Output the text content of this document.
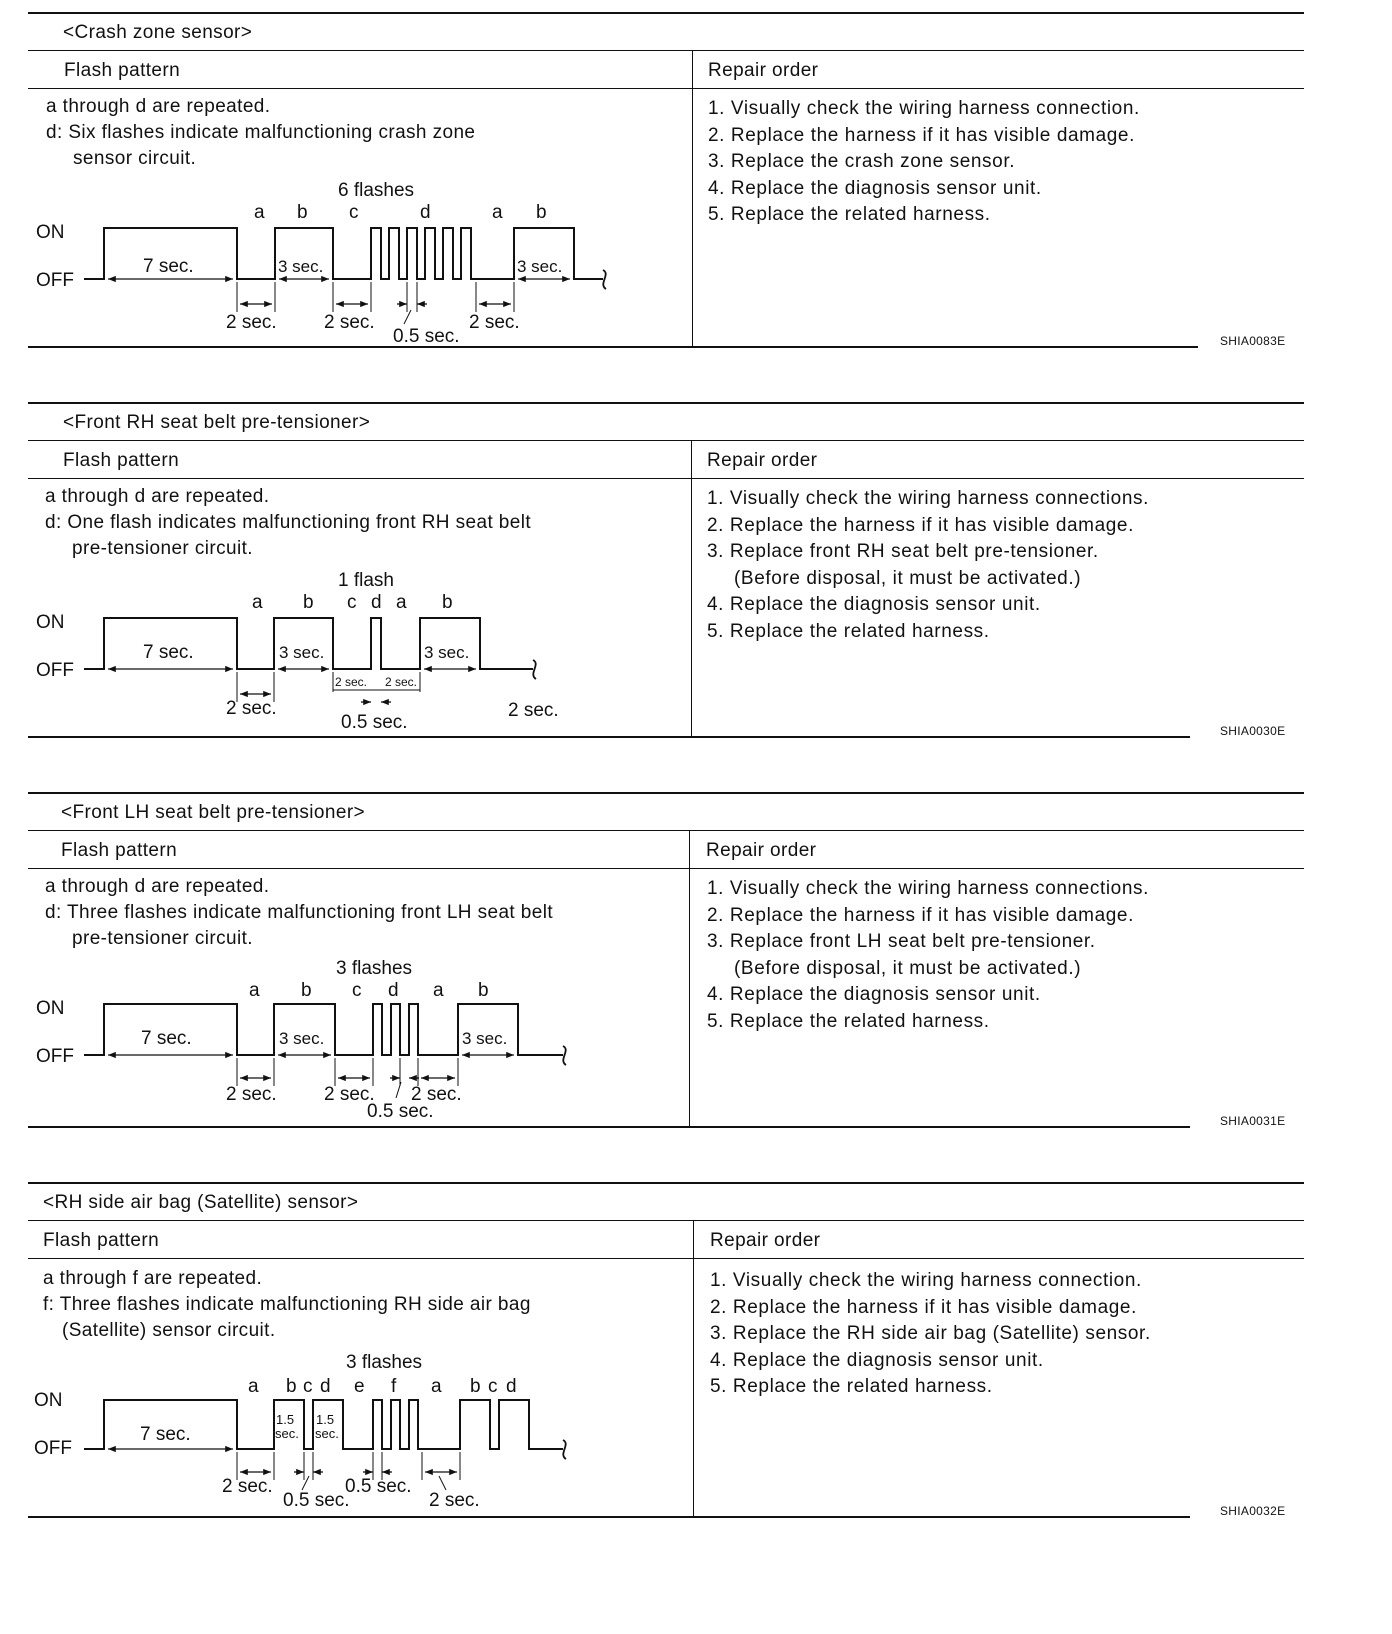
<Crash zone sensor>
Flash pattern	Repair order
a through d are repeated.
d: Six flashes indicate malfunctioning crash zone
sensor circuit.
6 flashes
a b c	d	a b
ON
OFF
7 sec.	3 sec.	3 sec.
2 sec. 2 sec.
0.5 sec.
2 sec.
1. Visually check the wiring harness connection.
2. Replace the harness if it has visible damage.
3. Replace the crash zone sensor.
4. Replace the diagnosis sensor unit.
5. Replace the related harness.
SHIA0083E
<Front RH seat belt pre-tensioner>
Flash pattern	Repair order
a through d are repeated.
d: One flash indicates malfunctioning front RH seat belt
pre-tensioner circuit.
1 flash
a b c d a b
ON
OFF
7 sec.	3 sec.	3 sec.
2 sec.
2 sec. 2 sec.
0.5 sec.
2 sec.
1. Visually check the wiring harness connections.
2. Replace the harness if it has visible damage.
3. Replace front RH seat belt pre-tensioner.
(Before disposal, it must be activated.)
4. Replace the diagnosis sensor unit.
5. Replace the related harness.
SHIA0030E
<Front LH seat belt pre-tensioner>
Flash pattern	Repair order
a through d are repeated.
d: Three flashes indicate malfunctioning front LH seat belt
pre-tensioner circuit.
3 flashes
a b c d a b
ON
OFF
7 sec.	3 sec.	3 sec.
2 sec. 2 sec. 2 sec.
0.5 sec.
1. Visually check the wiring harness connections.
2. Replace the harness if it has visible damage.
3. Replace front LH seat belt pre-tensioner.
(Before disposal, it must be activated.)
4. Replace the diagnosis sensor unit.
5. Replace the related harness.
SHIA0031E
<RH side air bag (Satellite) sensor>
Flash pattern	Repair order
a through f are repeated.
f: Three flashes indicate malfunctioning RH side air bag
(Satellite) sensor circuit.
3 flashes
a b c d e f a b c d
ON
OFF
7 sec.
1.5
sec.
1.5
sec.
2 sec.
0.5 sec.
0.5 sec.
2 sec.
1. Visually check the wiring harness connection.
2. Replace the harness if it has visible damage.
3. Replace the RH side air bag (Satellite) sensor.
4. Replace the diagnosis sensor unit.
5. Replace the related harness.
SHIA0032E
